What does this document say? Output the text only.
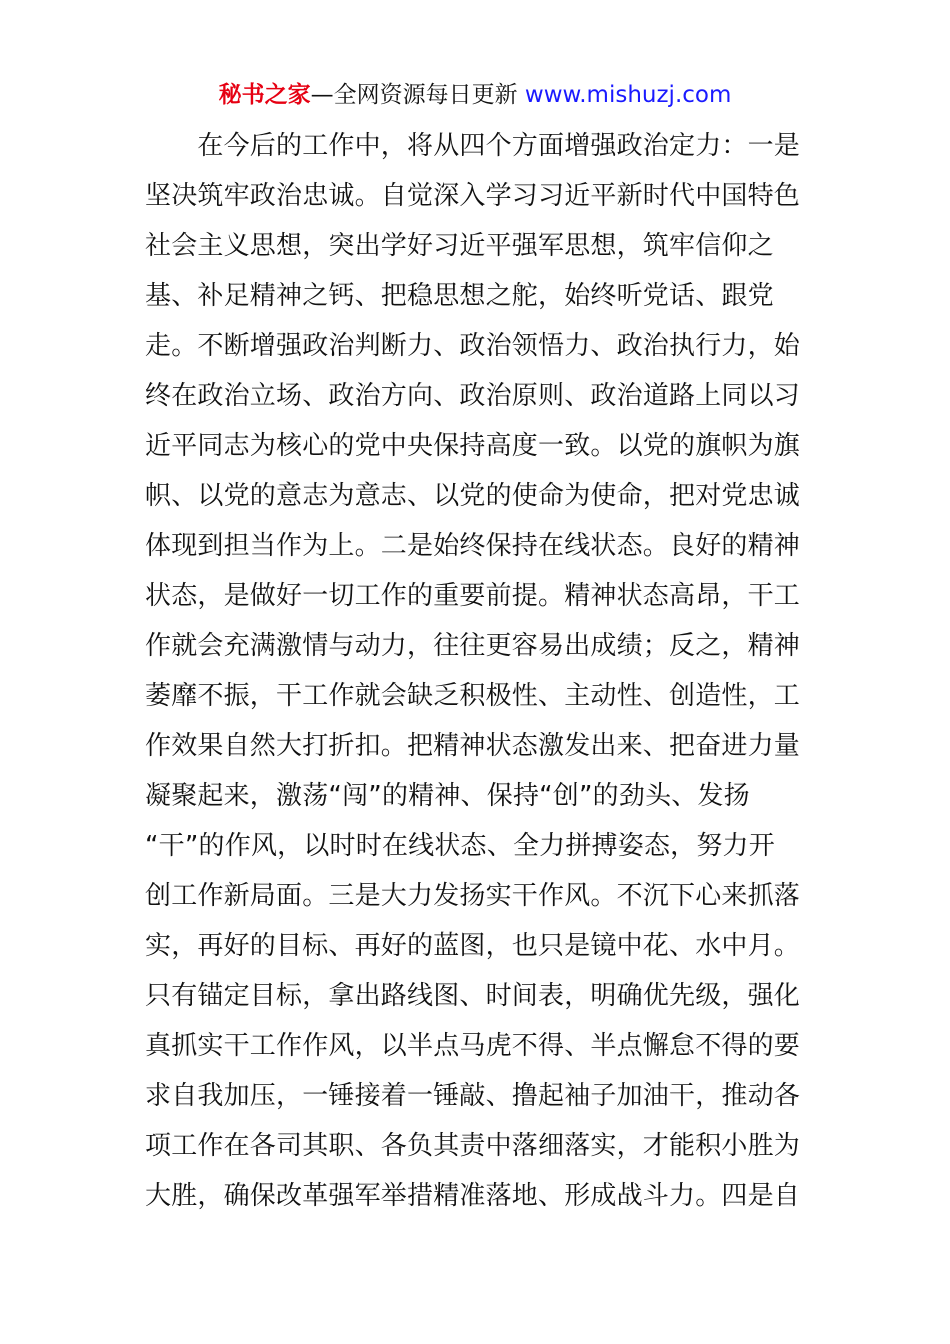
秘书之家—全网资源每日更新 www.mishuzj.com
　　在今后的工作中，将从四个方面增强政治定力：一是
坚决筑牢政治忠诚。自觉深入学习习近平新时代中国特色
社会主义思想，突出学好习近平强军思想，筑牢信仰之
基、补足精神之钙、把稳思想之舵，始终听党话、跟党
走。不断增强政治判断力、政治领悟力、政治执行力，始
终在政治立场、政治方向、政治原则、政治道路上同以习
近平同志为核心的党中央保持高度一致。以党的旗帜为旗
帜、以党的意志为意志、以党的使命为使命，把对党忠诚
体现到担当作为上。二是始终保持在线状态。良好的精神
状态，是做好一切工作的重要前提。精神状态高昂，干工
作就会充满激情与动力，往往更容易出成绩；反之，精神
萎靡不振，干工作就会缺乏积极性、主动性、创造性，工
作效果自然大打折扣。把精神状态激发出来、把奋进力量
凝聚起来，激荡“闯”的精神、保持“创”的劲头、发扬
“干”的作风，以时时在线状态、全力拼搏姿态，努力开
创工作新局面。三是大力发扬实干作风。不沉下心来抓落
实，再好的目标、再好的蓝图，也只是镜中花、水中月。
只有锚定目标，拿出路线图、时间表，明确优先级，强化
真抓实干工作作风，以半点马虎不得、半点懈怠不得的要
求自我加压，一锤接着一锤敲、撸起袖子加油干，推动各
项工作在各司其职、各负其责中落细落实，才能积小胜为
大胜，确保改革强军举措精准落地、形成战斗力。四是自
